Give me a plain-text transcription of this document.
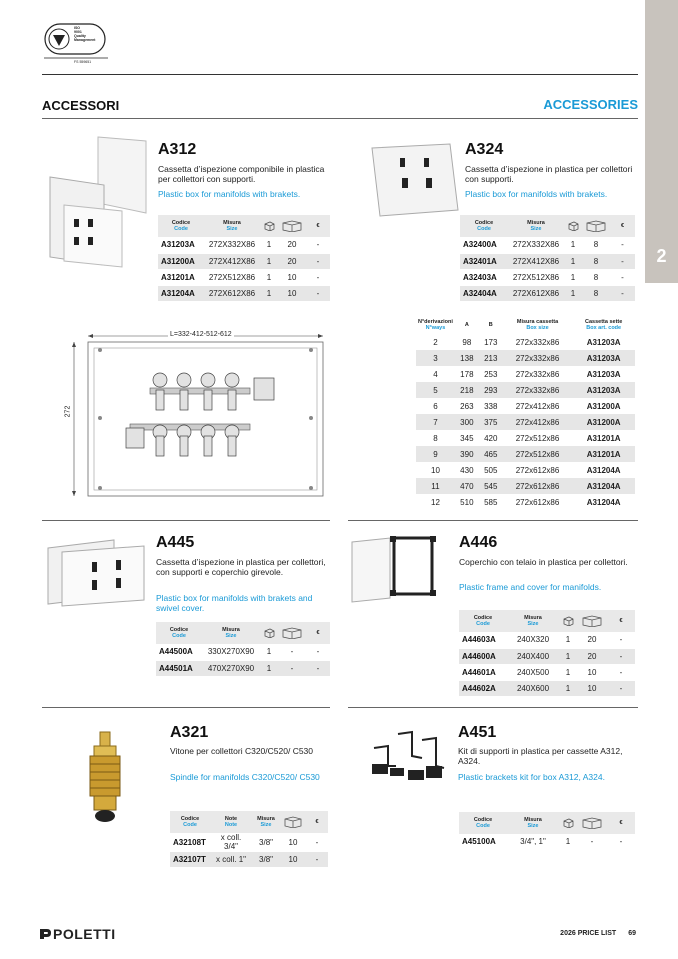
2
ISO
9001
Quality
Management
FS 559651
ACCESSORI	ACCESSORIES
A312
Cassetta d’ispezione componibile in plastica per collettori con supporti.
Plastic box for manifolds with brakets.
Codice
Code	Misura
Size			€
A31203A	272X332X86	1	20	-
A31200A	272X412X86	1	20	-
A31201A	272X512X86	1	10	-
A31204A	272X612X86	1	10	-
A324
Cassetta d’ispezione in plastica per collettori con supporti.
Plastic box for manifolds with brakets.
Codice
Code	Misura
Size			€
A32400A	272X332X86	1	8	-
A32401A	272X412X86	1	8	-
A32403A	272X512X86	1	8	-
A32404A	272X612X86	1	8	-
L=332-412-512-612
272
N°derivazioni
N°ways	A	B	Misura cassetta
Box size	Cassetta sette
Box art. code

2	98	173	272x332x86	A31203A
3	138	213	272x332x86	A31203A
4	178	253	272x332x86	A31203A
5	218	293	272x332x86	A31203A
6	263	338	272x412x86	A31200A
7	300	375	272x412x86	A31200A
8	345	420	272x512x86	A31201A
9	390	465	272x512x86	A31201A
10	430	505	272x612x86	A31204A
11	470	545	272x612x86	A31204A
12	510	585	272x612x86	A31204A
A445
Cassetta d’ispezione in plastica per collettori, con supporti e coperchio girevole.
Plastic box for manifolds with brakets and swivel cover.
Codice
Code	Misura
Size			€
A44500A	330X270X90	1	-	-
A44501A	470X270X90	1	-	-
A446
Coperchio con telaio in plastica per collettori.
Plastic frame and cover for manifolds.
Codice
Code	Misura
Size			€
A44603A	240X320	1	20	-
A44600A	240X400	1	20	-
A44601A	240X500	1	10	-
A44602A	240X600	1	10	-
A321
Vitone per collettori C320/C520/ C530
Spindle for manifolds C320/C520/ C530
Codice
Code	Note
Note	Misura
Size		€
A32108T	x coll. 3/4"	3/8"	10	-
A32107T	x coll. 1"	3/8"	10	-
A451
Kit di supporti in plastica per cassette A312, A324.
Plastic brackets kit for box A312, A324.
Codice
Code	Misura
Size			€
A45100A	3/4", 1"	1	-	-
POLETTI	2026 PRICE LIST 69
